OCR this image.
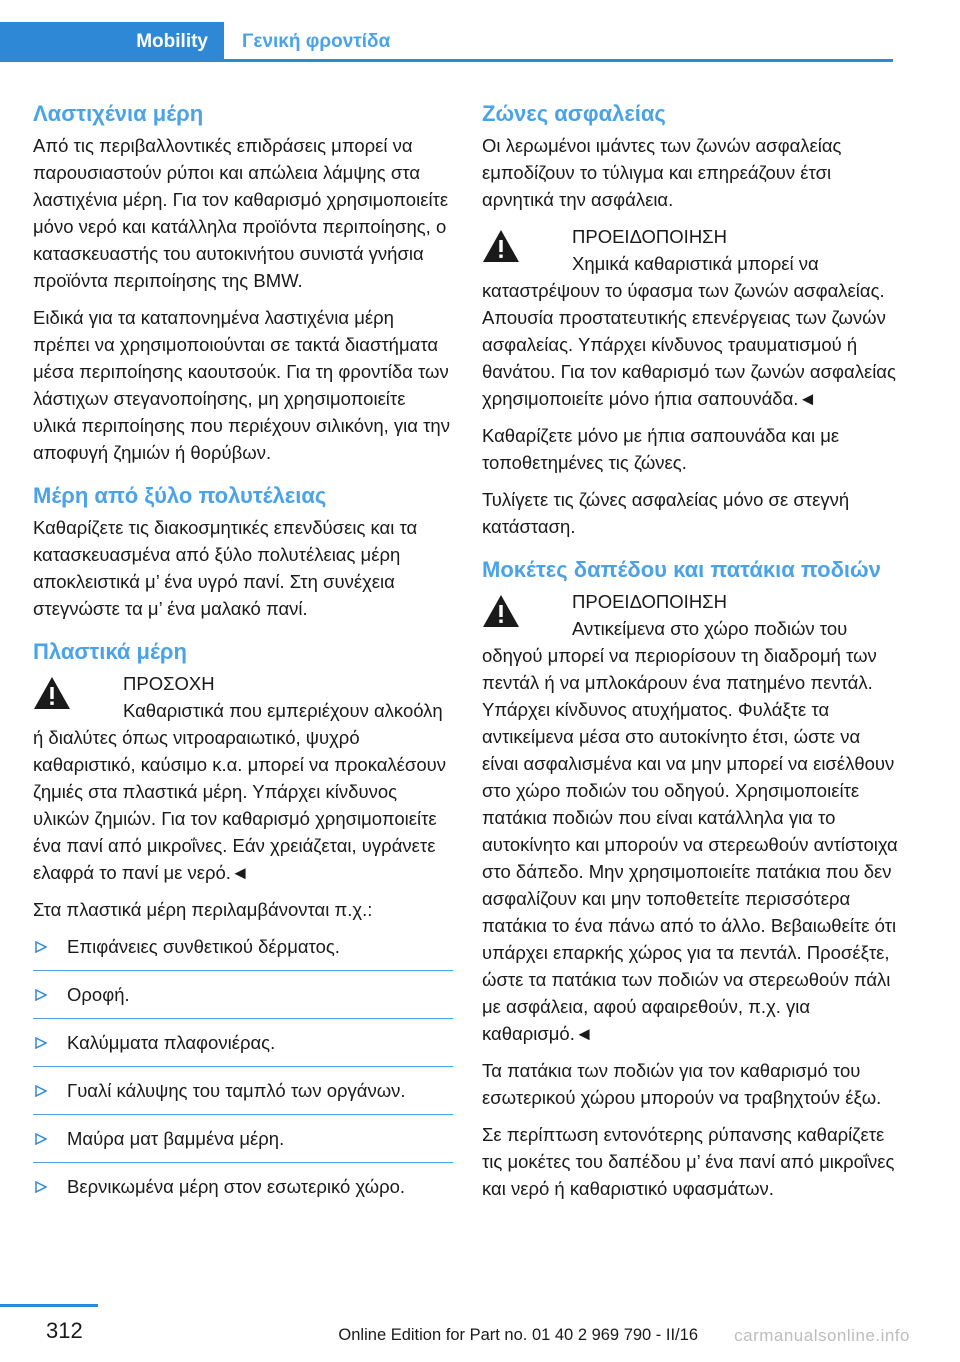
Mobility	Γενική φροντίδα
Λαστιχένια μέρη

Από τις περιβαλλοντικές επιδράσεις μπορεί να παρουσιαστούν ρύποι και απώλεια λάμψης στα λαστιχένια μέρη. Για τον καθαρισμό χρησιμοποιείτε μόνο νερό και κατάλληλα προϊόντα περιποίησης, ο κατασκευαστής του αυτοκινήτου συνιστά γνήσια προϊόντα περιποίησης της BMW.

Ειδικά για τα καταπονημένα λαστιχένια μέρη πρέπει να χρησιμοποιούνται σε τακτά διαστήματα μέσα περιποίησης καουτσούκ. Για τη φροντίδα των λάστιχων στεγανοποίησης, μη χρησιμοποιείτε υλικά περιποίησης που περιέχουν σιλικόνη, για την αποφυγή ζημιών ή θορύβων.

Μέρη από ξύλο πολυτέλειας

Καθαρίζετε τις διακοσμητικές επενδύσεις και τα κατασκευασμένα από ξύλο πολυτέλειας μέρη αποκλειστικά μ’ ένα υγρό πανί. Στη συνέχεια στεγνώστε τα μ’ ένα μαλακό πανί.

Πλαστικά μέρη
ΠΡΟΣΟΧΗ
Καθαριστικά που εμπεριέχουν αλκοόλη ή διαλύτες όπως νιτροαραιωτικό, ψυχρό καθαριστικό, καύσιμο κ.α. μπορεί να προκαλέσουν ζημιές στα πλαστικά μέρη. Υπάρχει κίνδυνος υλικών ζημιών. Για τον καθαρισμό χρησιμοποιείτε ένα πανί από μικροΐνες. Εάν χρειάζεται, υγράνετε ελαφρά το πανί με νερό.◄

Στα πλαστικά μέρη περιλαμβάνονται π.χ.:

Επιφάνειες συνθετικού δέρματος.
Οροφή.
Καλύμματα πλαφονιέρας.
Γυαλί κάλυψης του ταμπλό των οργάνων.
Μαύρα ματ βαμμένα μέρη.
Βερνικωμένα μέρη στον εσωτερικό χώρο.
Ζώνες ασφαλείας

Οι λερωμένοι ιμάντες των ζωνών ασφαλείας εμποδίζουν το τύλιγμα και επηρεάζουν έτσι αρνητικά την ασφάλεια.

ΠΡΟΕΙΔΟΠΟΙΗΣΗ
Χημικά καθαριστικά μπορεί να καταστρέψουν το ύφασμα των ζωνών ασφαλείας. Απουσία προστατευτικής επενέργειας των ζωνών ασφαλείας. Υπάρχει κίνδυνος τραυματισμού ή θανάτου. Για τον καθαρισμό των ζωνών ασφαλείας χρησιμοποιείτε μόνο ήπια σαπουνάδα.◄

Καθαρίζετε μόνο με ήπια σαπουνάδα και με τοποθετημένες τις ζώνες.

Τυλίγετε τις ζώνες ασφαλείας μόνο σε στεγνή κατάσταση.

Μοκέτες δαπέδου και πατάκια ποδιών
ΠΡΟΕΙΔΟΠΟΙΗΣΗ
Αντικείμενα στο χώρο ποδιών του οδηγού μπορεί να περιορίσουν τη διαδρομή των πεντάλ ή να μπλοκάρουν ένα πατημένο πεντάλ. Υπάρχει κίνδυνος ατυχήματος. Φυλάξτε τα αντικείμενα μέσα στο αυτοκίνητο έτσι, ώστε να είναι ασφαλισμένα και να μην μπορεί να εισέλθουν στο χώρο ποδιών του οδηγού. Χρησιμοποιείτε πατάκια ποδιών που είναι κατάλληλα για το αυτοκίνητο και μπορούν να στερεωθούν αντίστοιχα στο δάπεδο. Μην χρησιμοποιείτε πατάκια που δεν ασφαλίζουν και μην τοποθετείτε περισσότερα πατάκια το ένα πάνω από το άλλο. Βεβαιωθείτε ότι υπάρχει επαρκής χώρος για τα πεντάλ. Προσέξτε, ώστε τα πατάκια των ποδιών να στερεωθούν πάλι με ασφάλεια, αφού αφαιρεθούν, π.χ. για καθαρισμό.◄

Τα πατάκια των ποδιών για τον καθαρισμό του εσωτερικού χώρου μπορούν να τραβηχτούν έξω.

Σε περίπτωση εντονότερης ρύπανσης καθαρίζετε τις μοκέτες του δαπέδου μ’ ένα πανί από μικροΐνες και νερό ή καθαριστικό υφασμάτων.

312	Online Edition for Part no. 01 40 2 969 790 - II/16 carmanualsonline.info
